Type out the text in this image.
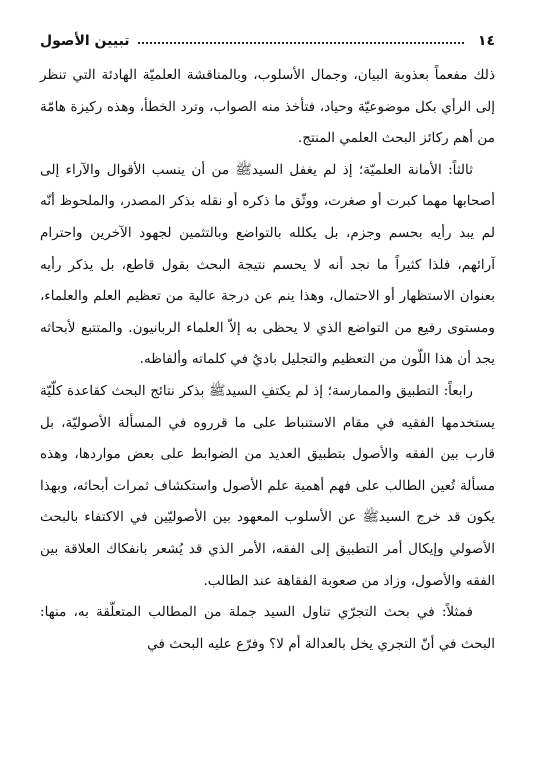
١٤
تبيين الأصول

ذلك مفعماً بعذوبة البيان، وجمال الأسلوب، وبالمناقشة العلميّة الهادئة التي تنظر إلى الرأي بكل موضوعيّة وحياد، فتأخذ منه الصواب، وترد الخطأ، وهذه ركيزة هامّة من أهم ركائز البحث العلمي المنتج.

ثالثاً: الأمانة العلميّة؛ إذ لم يغفل السيدﷺ من أن ينسب الأقوال والآراء إلى أصحابها مهما كبرت أو صغرت، ووثّق ما ذكره أو نقله بذكر المصدر، والملحوظ أنّه لم يبد رأيه بحسم وجزم، بل يكلله بالتواضع وبالتثمين لجهود الآخرين واحترام آرائهم، فلذا كثيراً ما نجد أنه لا يحسم نتيجة البحث بقول قاطع، بل يذكر رأيه بعنوان الاستظهار أو الاحتمال، وهذا ينم عن درجة عالية من تعظيم العلم والعلماء، ومستوى رفيع من التواضع الذي لا يحظى به إلاّ العلماء الربانيون. والمتتبع لأبحاثه يجد أن هذا اللّون من التعظيم والتجليل باديٌ في كلماته وألفاظه.

رابعاً: التطبيق والممارسة؛ إذ لم يكتفِ السيدﷺ بذكر نتائج البحث كقاعدة كلّيّة يستخدمها الفقيه في مقام الاستنباط على ما قرروه في المسألة الأصوليّة، بل قارب بين الفقه والأصول بتطبيق العديد من الضوابط على بعض مواردها، وهذه مسألة تُعين الطالب على فهم أهمية علم الأصول واستكشاف ثمرات أبحاثه، وبهذا يكون قد خرج السيدﷺ عن الأسلوب المعهود بين الأصوليّين في الاكتفاء بالبحث الأصولي وإيكال أمر التطبيق إلى الفقه، الأمر الذي قد يُشعر بانفكاك العلاقة بين الفقه والأصول، وزاد من صعوبة الفقاهة عند الطالب.

فمثلاً: في بحث التجرّي تناول السيد جملة من المطالب المتعلّقة به، منها: البحث في أنّ التجري يخل بالعدالة أم لا؟ وفرّع عليه البحث في
